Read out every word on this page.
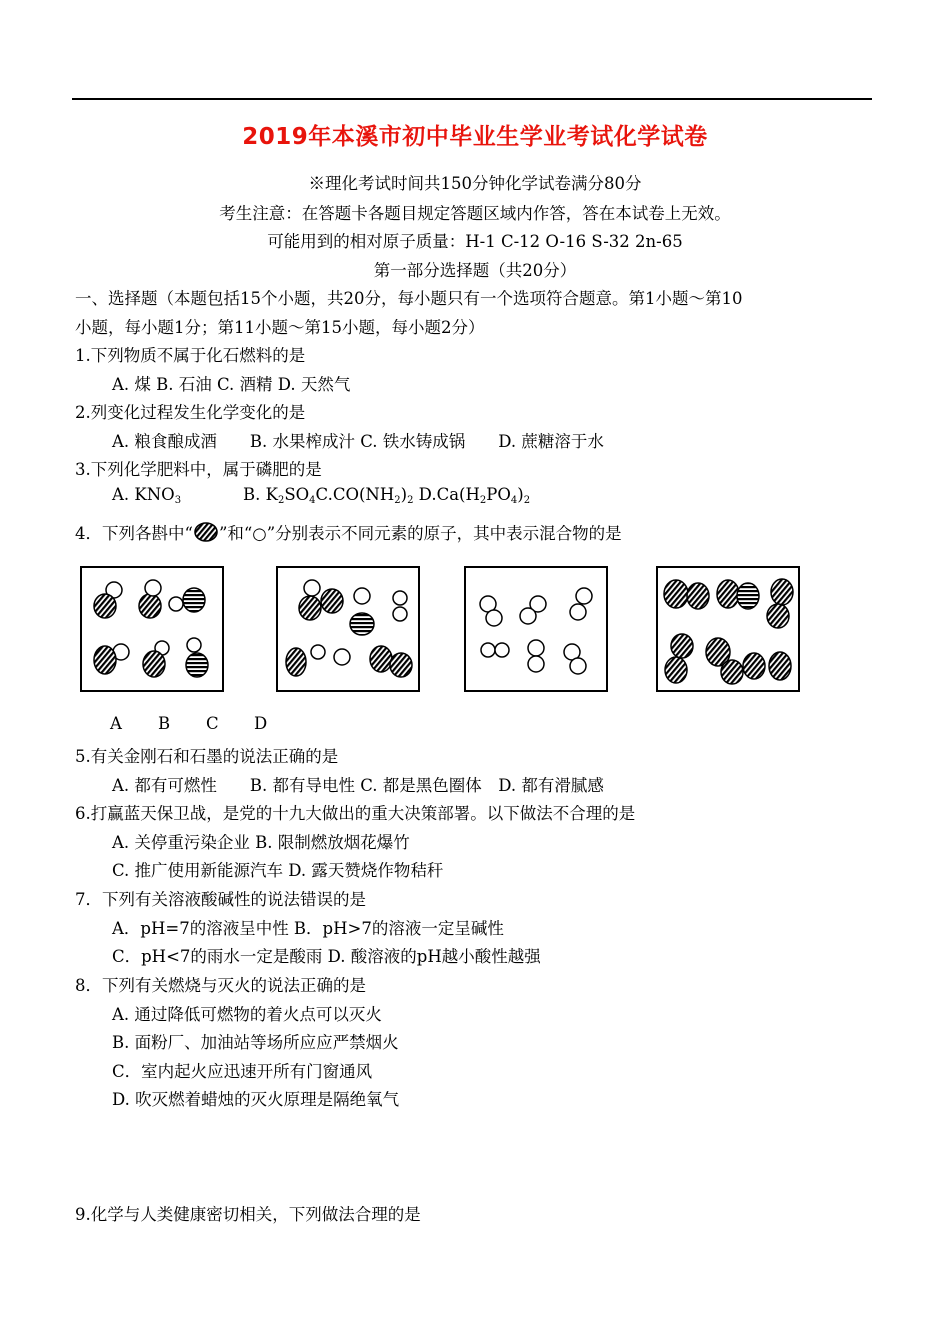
2019年本溪市初中毕业生学业考试化学试卷
※理化考试时间共150分钟化学试卷满分80分
考生注意：在答题卡各题目规定答题区域内作答，答在本试卷上无效。
可能用到的相对原子质量：H-1 C-12 O-16 S-32 2n-65
第一部分选择题（共20分）
一、选择题（本题包括15个小题，共20分，每小题只有一个选项符合题意。第1小题～第10
小题，每小题1分；第11小题～第15小题，每小题2分）
1.下列物质不属于化石燃料的是
A. 煤 B. 石油 C. 酒精 D. 天然气
2.列变化过程发生化学变化的是
A. 粮食酿成酒　　B. 水果榨成汁 C. 铁水铸成锅　　D. 蔗糖溶于水
3.下列化学肥料中，属于磷肥的是
A. $KNO_3$	B. $K_2SO_4C.CO(NH_2)_2$ $D.Ca(H_2PO_4)_2$
4．下列各斟中“ ”和“○”分别表示不同元素的原子，其中表示混合物的是
A B C D
5.有关金刚石和石墨的说法正确的是
A. 都有可燃性　　B. 都有导电性 C. 都是黑色圈体　D. 都有滑腻感
6.打赢蓝天保卫战，是党的十九大做出的重大决策部署。以下做法不合理的是
A. 关停重污染企业 B. 限制燃放烟花爆竹
C. 推广使用新能源汽车 D. 露天赞烧作物秸秆
7．下列有关溶液酸碱性的说法错误的是
A．pH=7的溶液呈中性 B．pH>7的溶液一定呈碱性
C．pH<7的雨水一定是酸雨 D. 酸溶液的pH越小酸性越强
8．下列有关燃烧与灭火的说法正确的是
A. 通过降低可燃物的着火点可以灭火
B. 面粉厂、加油站等场所应应严禁烟火
C．室内起火应迅速开所有门窗通风
D. 吹灭燃着蜡烛的灭火原理是隔绝氧气
9.化学与人类健康密切相关，下列做法合理的是
